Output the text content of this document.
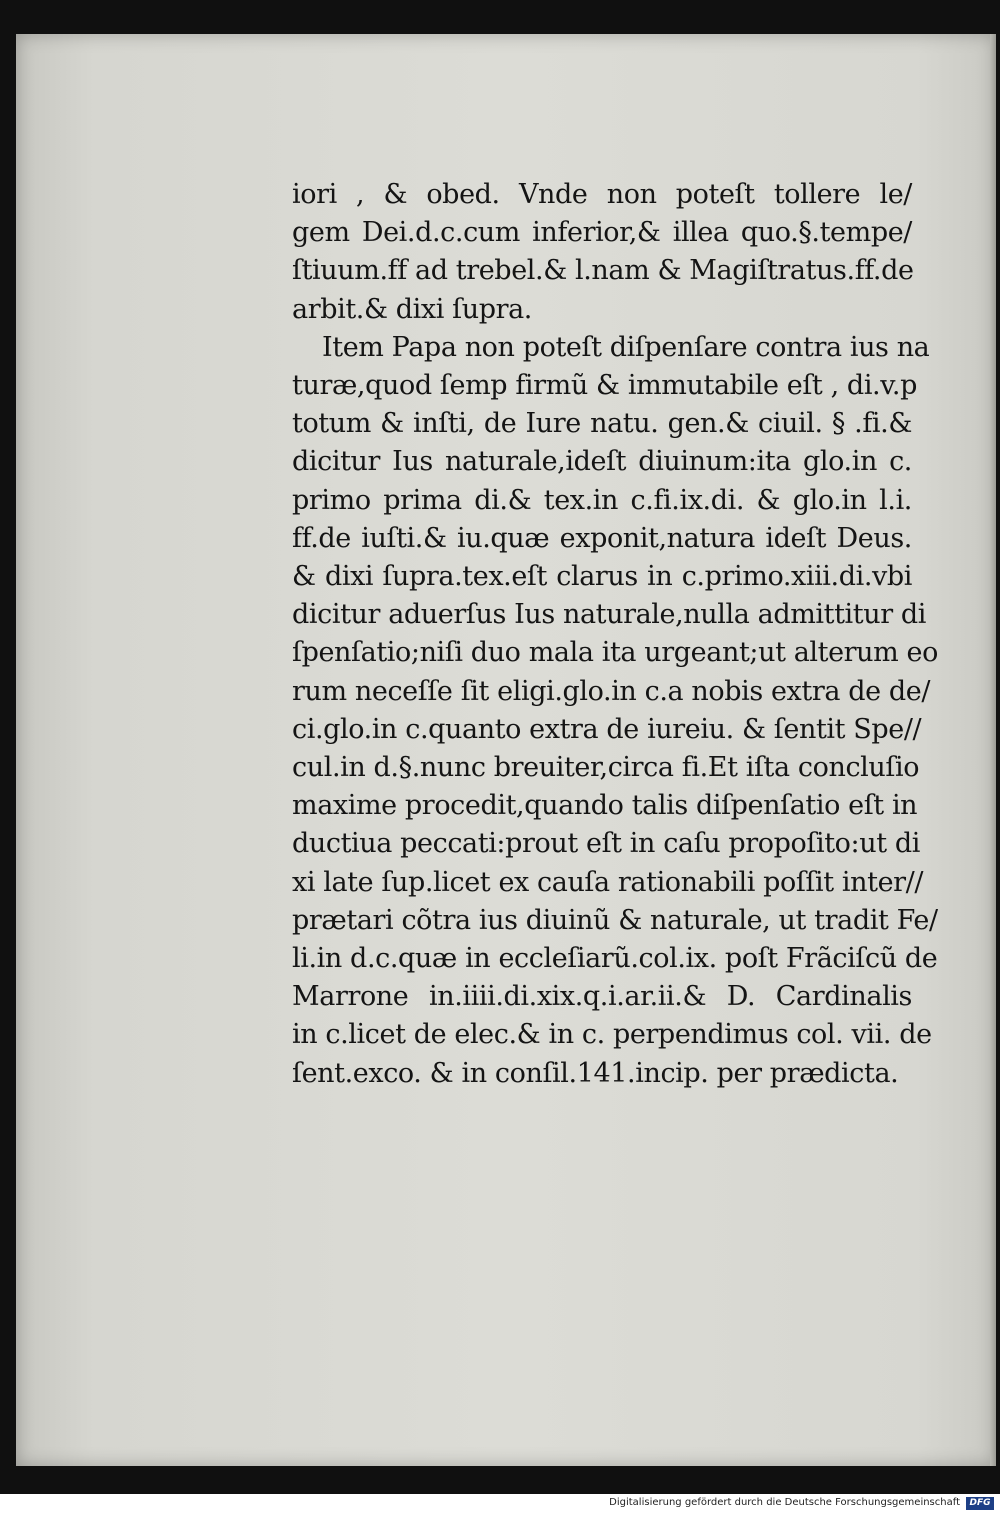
iori , & obed. Vnde non poteſt tollere le/
gem Dei.d.c.cum inferior,& illea quo.§.tempe/
ſtiuum.ff ad trebel.& l.nam & Magiſtratus.ff.de
arbit.& dixi ſupra.
Item Papa non poteſt diſpenſare contra ius na
turæ,quod ſemp firmũ & immutabile eſt , di.v.p
totum & inſti, de Iure natu. gen.& ciuil. § .fi.&
dicitur Ius naturale,ideſt diuinum:ita glo.in c.
primo prima di.& tex.in c.fi.ix.di. & glo.in l.i.
ff.de iuſti.& iu.quæ exponit,natura ideſt Deus.
& dixi ſupra.tex.eſt clarus in c.primo.xiii.di.vbi
dicitur aduerſus Ius naturale,nulla admittitur di
ſpenſatio;niſi duo mala ita urgeant;ut alterum eo
rum neceſſe ſit eligi.glo.in c.a nobis extra de de/
ci.glo.in c.quanto extra de iureiu. & ſentit Spe//
cul.in d.§.nunc breuiter,circa fi.Et iſta concluſio
maxime procedit,quando talis diſpenſatio eſt in
ductiua peccati:prout eſt in caſu propoſito:ut di
xi late ſup.licet ex cauſa rationabili poſſit inter//
prætari cõtra ius diuinũ & naturale, ut tradit Fe/
li.in d.c.quæ in eccleſiarũ.col.ix. poſt Frãciſcũ de
Marrone in.iiii.di.xix.q.i.ar.ii.& D. Cardinalis
in c.licet de elec.& in c. perpendimus col. vii. de
ſent.exco. & in conſil.141.incip. per prædicta.
Digitalisierung gefördert durch die Deutsche Forschungsgemeinschaft	DFG
